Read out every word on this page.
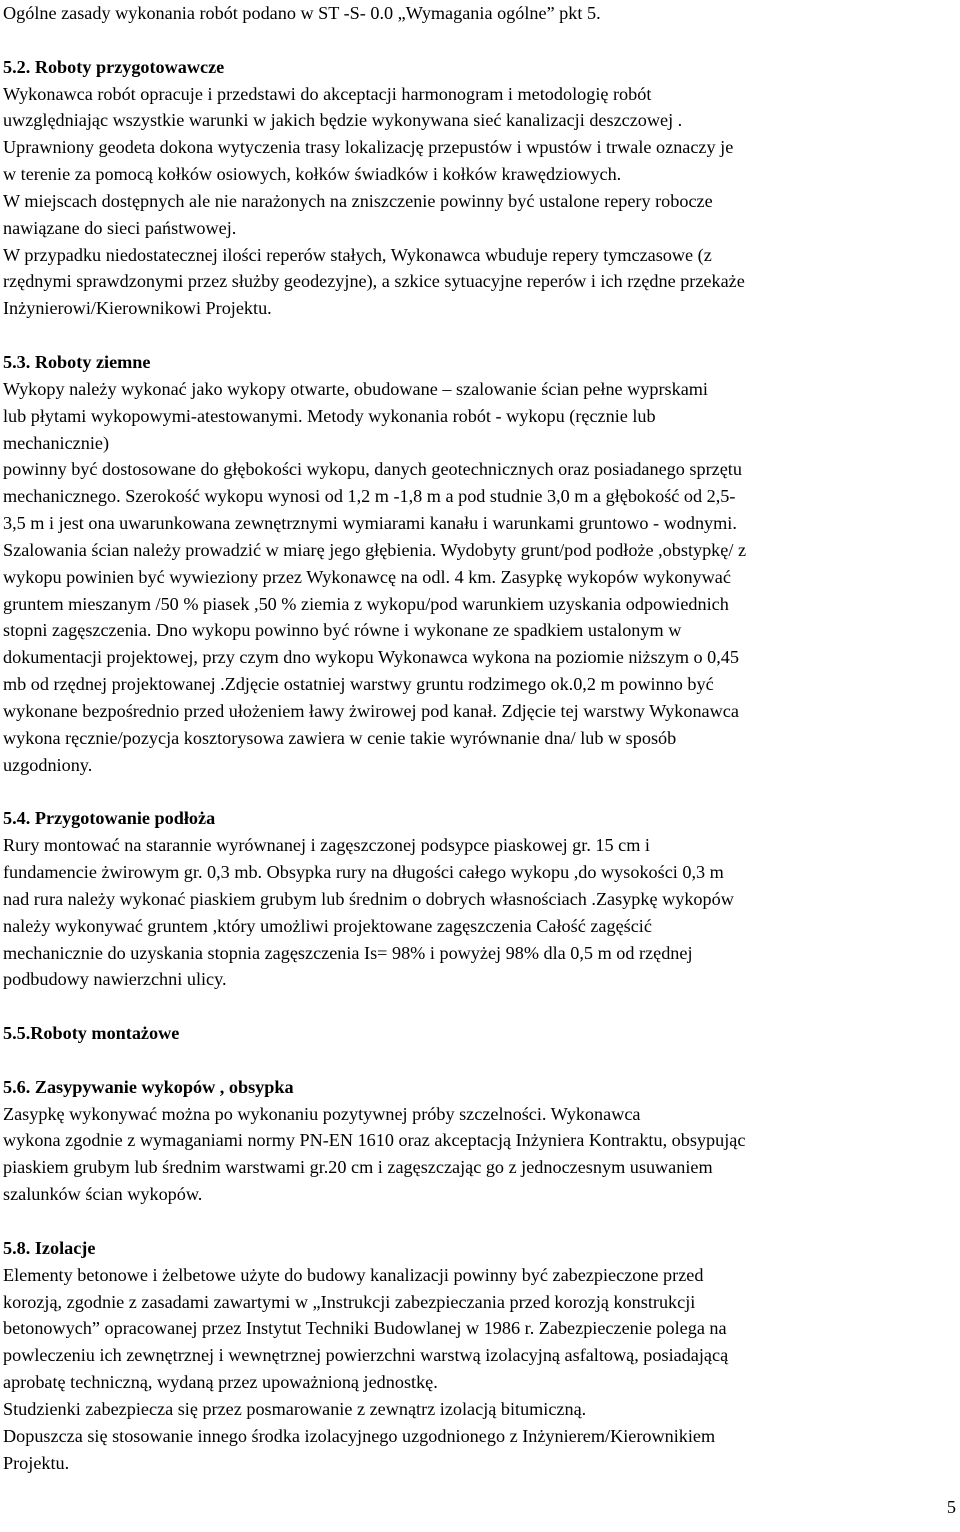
Ogólne zasady wykonania robót podano w ST -S- 0.0 „Wymagania ogólne” pkt 5.
5.2. Roboty przygotowawcze
Wykonawca robót opracuje i przedstawi do akceptacji harmonogram i metodologię robót
uwzględniając wszystkie warunki w jakich będzie wykonywana sieć kanalizacji deszczowej .
Uprawniony geodeta dokona wytyczenia trasy lokalizację przepustów i wpustów i trwale oznaczy je
w terenie za pomocą kołków osiowych, kołków świadków i kołków krawędziowych.
W miejscach dostępnych ale nie narażonych na zniszczenie powinny być ustalone repery robocze
nawiązane do sieci państwowej.
W przypadku niedostatecznej ilości reperów stałych, Wykonawca wbuduje repery tymczasowe (z
rzędnymi sprawdzonymi przez służby geodezyjne), a szkice sytuacyjne reperów i ich rzędne przekaże
Inżynierowi/Kierownikowi Projektu.
5.3. Roboty ziemne
Wykopy należy wykonać jako wykopy otwarte, obudowane – szalowanie ścian pełne wyprskami
lub płytami wykopowymi-atestowanymi. Metody wykonania robót - wykopu (ręcznie lub
mechanicznie)
powinny być dostosowane do głębokości wykopu, danych geotechnicznych oraz posiadanego sprzętu
mechanicznego. Szerokość wykopu wynosi od 1,2 m -1,8 m a pod studnie 3,0 m a głębokość od 2,5-
3,5 m i jest ona uwarunkowana zewnętrznymi wymiarami kanału i warunkami gruntowo - wodnymi.
Szalowania ścian należy prowadzić w miarę jego głębienia. Wydobyty grunt/pod podłoże ,obstypkę/ z
wykopu powinien być wywieziony przez Wykonawcę na odl. 4 km. Zasypkę wykopów wykonywać
gruntem mieszanym /50 % piasek ,50 % ziemia z wykopu/pod warunkiem uzyskania odpowiednich
stopni zagęszczenia. Dno wykopu powinno być równe i wykonane ze spadkiem ustalonym w
dokumentacji projektowej, przy czym dno wykopu Wykonawca wykona na poziomie niższym o 0,45
mb od rzędnej projektowanej .Zdjęcie ostatniej warstwy gruntu rodzimego ok.0,2 m powinno być
wykonane bezpośrednio przed ułożeniem ławy żwirowej pod kanał. Zdjęcie tej warstwy Wykonawca
wykona ręcznie/pozycja kosztorysowa zawiera w cenie takie wyrównanie dna/ lub w sposób
uzgodniony.
5.4. Przygotowanie podłoża
Rury montować na starannie wyrównanej i zagęszczonej podsypce piaskowej gr. 15 cm i
fundamencie żwirowym gr. 0,3 mb. Obsypka rury na długości całego wykopu ,do wysokości 0,3 m
nad rura należy wykonać piaskiem grubym lub średnim o dobrych własnościach .Zasypkę wykopów
należy wykonywać gruntem ,który umożliwi projektowane zagęszczenia Całość zagęścić
mechanicznie do uzyskania stopnia zagęszczenia Is= 98% i powyżej 98% dla 0,5 m od rzędnej
podbudowy nawierzchni ulicy.
5.5.Roboty montażowe
5.6. Zasypywanie wykopów , obsypka
Zasypkę wykonywać można po wykonaniu pozytywnej próby szczelności. Wykonawca
wykona zgodnie z wymaganiami normy PN-EN 1610 oraz akceptacją Inżyniera Kontraktu, obsypując
piaskiem grubym lub średnim warstwami gr.20 cm i zagęszczając go z jednoczesnym usuwaniem
szalunków ścian wykopów.
5.8. Izolacje
Elementy betonowe i żelbetowe użyte do budowy kanalizacji powinny być zabezpieczone przed
korozją, zgodnie z zasadami zawartymi w „Instrukcji zabezpieczania przed korozją konstrukcji
betonowych” opracowanej przez Instytut Techniki Budowlanej w 1986 r. Zabezpieczenie polega na
powleczeniu ich zewnętrznej i wewnętrznej powierzchni warstwą izolacyjną asfaltową, posiadającą
aprobatę techniczną, wydaną przez upoważnioną jednostkę.
Studzienki zabezpiecza się przez posmarowanie z zewnątrz izolacją bitumiczną.
Dopuszcza się stosowanie innego środka izolacyjnego uzgodnionego z Inżynierem/Kierownikiem
Projektu.
5
